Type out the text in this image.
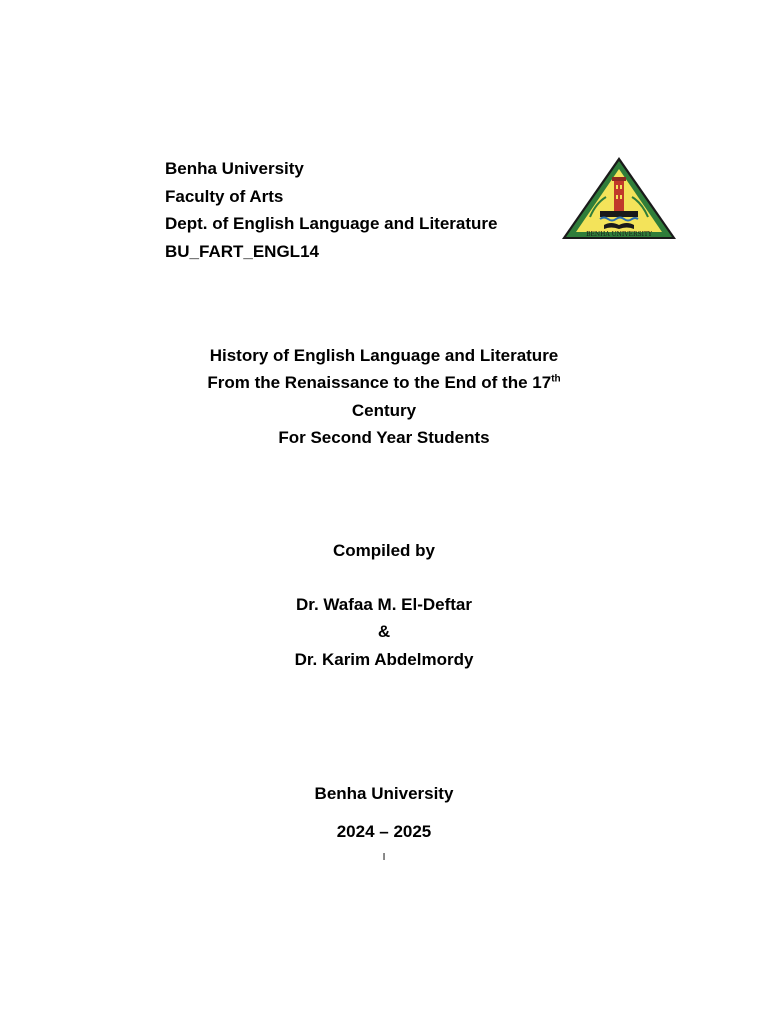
Benha University
Faculty of Arts
Dept. of English Language and Literature
BU_FART_ENGL14
BENHA UNIVERSITY
History of English Language and Literature
From the Renaissance to the End of the 17th
Century
For Second Year Students
Compiled by
Dr. Wafaa M. El-Deftar
&
Dr. Karim Abdelmordy
Benha University
2024 – 2025
I
